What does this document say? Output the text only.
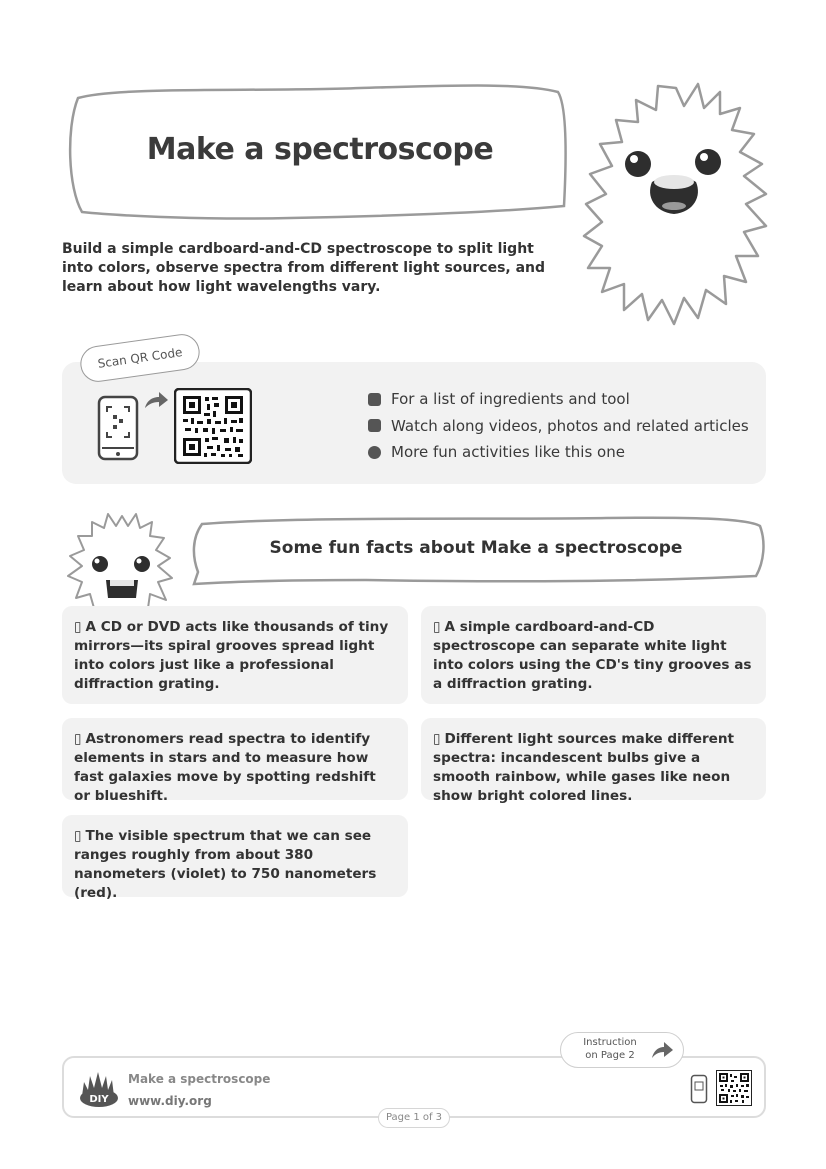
Make a spectroscope
Build a simple cardboard-and-CD spectroscope to split light into colors, observe spectra from different light sources, and learn about how light wavelengths vary.
Scan QR Code
For a list of ingredients and tool
Watch along videos, photos and related articles
More fun activities like this one
Some fun facts about Make a spectroscope
▯ A CD or DVD acts like thousands of tiny mirrors—its spiral grooves spread light into colors just like a professional diffraction grating.
▯ A simple cardboard-and-CD spectroscope can separate white light into colors using the CD's tiny grooves as a diffraction grating.
▯ Astronomers read spectra to identify elements in stars and to measure how fast galaxies move by spotting redshift or blueshift.
▯ Different light sources make different spectra: incandescent bulbs give a smooth rainbow, while gases like neon show bright colored lines.
▯ The visible spectrum that we can see ranges roughly from about 380 nanometers (violet) to 750 nanometers (red).
DIY
Make a spectroscope
www.diy.org
Instruction
on Page 2
Page 1 of 3
